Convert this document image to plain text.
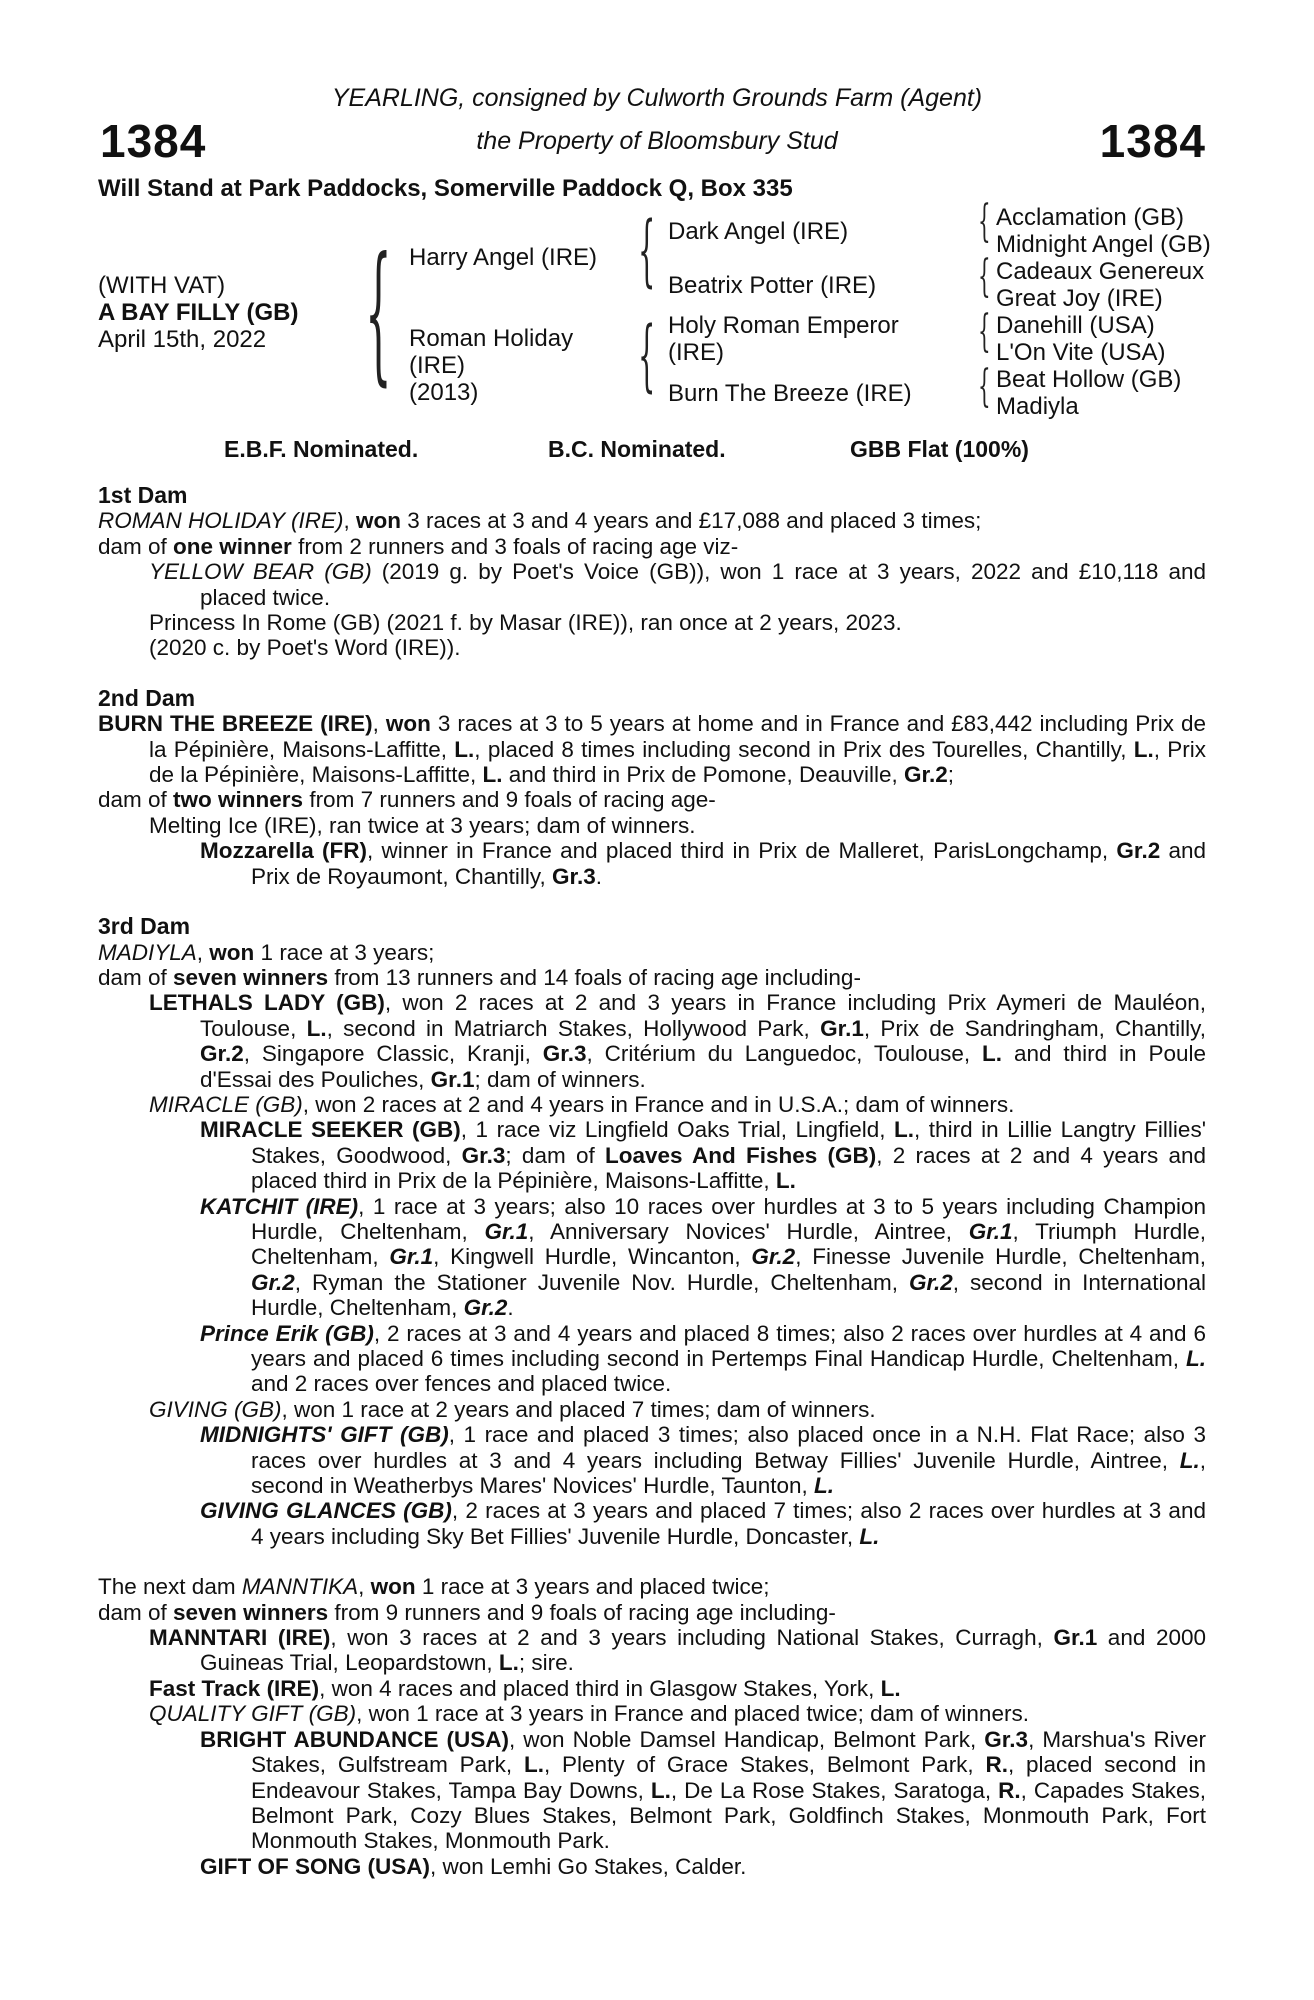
1384	1384
YEARLING, consigned by Culworth Grounds Farm (Agent)
the Property of Bloomsbury Stud
Will Stand at Park Paddocks, Somerville Paddock Q, Box 335
(WITH VAT)
A BAY FILLY (GB)
April 15th, 2022 { Harry Angel (IRE)
Roman Holiday
(IRE)
(2013)
{
{
Dark Angel (IRE)
Beatrix Potter (IRE)
Holy Roman Emperor
(IRE)
Burn The Breeze (IRE)
{
{
{
{
Acclamation (GB)
Midnight Angel (GB)
Cadeaux Genereux
Great Joy (IRE)
Danehill (USA)
L'On Vite (USA)
Beat Hollow (GB)
Madiyla
E.B.F. Nominated.	B.C. Nominated.	GBB Flat (100%)

1st Dam

ROMAN HOLIDAY (IRE), won 3 races at 3 and 4 years and £17,088 and placed 3 times;

dam of one winner from 2 runners and 3 foals of racing age viz-

YELLOW BEAR (GB) (2019 g. by Poet's Voice (GB)), won 1 race at 3 years, 2022 and £10,118 and placed twice.

Princess In Rome (GB) (2021 f. by Masar (IRE)), ran once at 2 years, 2023.

(2020 c. by Poet's Word (IRE)).

2nd Dam

BURN THE BREEZE (IRE), won 3 races at 3 to 5 years at home and in France and £83,442 including Prix de la Pépinière, Maisons-Laffitte, L., placed 8 times including second in Prix des Tourelles, Chantilly, L., Prix de la Pépinière, Maisons-Laffitte, L. and third in Prix de Pomone, Deauville, Gr.2;

dam of two winners from 7 runners and 9 foals of racing age-

Melting Ice (IRE), ran twice at 3 years; dam of winners.

Mozzarella (FR), winner in France and placed third in Prix de Malleret, ParisLongchamp, Gr.2 and Prix de Royaumont, Chantilly, Gr.3.

3rd Dam

MADIYLA, won 1 race at 3 years;

dam of seven winners from 13 runners and 14 foals of racing age including-

LETHALS LADY (GB), won 2 races at 2 and 3 years in France including Prix Aymeri de Mauléon, Toulouse, L., second in Matriarch Stakes, Hollywood Park, Gr.1, Prix de Sandringham, Chantilly, Gr.2, Singapore Classic, Kranji, Gr.3, Critérium du Languedoc, Toulouse, L. and third in Poule d'Essai des Pouliches, Gr.1; dam of winners.

MIRACLE (GB), won 2 races at 2 and 4 years in France and in U.S.A.; dam of winners.

MIRACLE SEEKER (GB), 1 race viz Lingfield Oaks Trial, Lingfield, L., third in Lillie Langtry Fillies' Stakes, Goodwood, Gr.3; dam of Loaves And Fishes (GB), 2 races at 2 and 4 years and placed third in Prix de la Pépinière, Maisons-Laffitte, L.

KATCHIT (IRE), 1 race at 3 years; also 10 races over hurdles at 3 to 5 years including Champion Hurdle, Cheltenham, Gr.1, Anniversary Novices' Hurdle, Aintree, Gr.1, Triumph Hurdle, Cheltenham, Gr.1, Kingwell Hurdle, Wincanton, Gr.2, Finesse Juvenile Hurdle, Cheltenham, Gr.2, Ryman the Stationer Juvenile Nov. Hurdle, Cheltenham, Gr.2, second in International Hurdle, Cheltenham, Gr.2.

Prince Erik (GB), 2 races at 3 and 4 years and placed 8 times; also 2 races over hurdles at 4 and 6 years and placed 6 times including second in Pertemps Final Handicap Hurdle, Cheltenham, L. and 2 races over fences and placed twice.

GIVING (GB), won 1 race at 2 years and placed 7 times; dam of winners.

MIDNIGHTS' GIFT (GB), 1 race and placed 3 times; also placed once in a N.H. Flat Race; also 3 races over hurdles at 3 and 4 years including Betway Fillies' Juvenile Hurdle, Aintree, L., second in Weatherbys Mares' Novices' Hurdle, Taunton, L.

GIVING GLANCES (GB), 2 races at 3 years and placed 7 times; also 2 races over hurdles at 3 and 4 years including Sky Bet Fillies' Juvenile Hurdle, Doncaster, L.

The next dam MANNTIKA, won 1 race at 3 years and placed twice;

dam of seven winners from 9 runners and 9 foals of racing age including-

MANNTARI (IRE), won 3 races at 2 and 3 years including National Stakes, Curragh, Gr.1 and 2000 Guineas Trial, Leopardstown, L.; sire.

Fast Track (IRE), won 4 races and placed third in Glasgow Stakes, York, L.

QUALITY GIFT (GB), won 1 race at 3 years in France and placed twice; dam of winners.

BRIGHT ABUNDANCE (USA), won Noble Damsel Handicap, Belmont Park, Gr.3, Marshua's River Stakes, Gulfstream Park, L., Plenty of Grace Stakes, Belmont Park, R., placed second in Endeavour Stakes, Tampa Bay Downs, L., De La Rose Stakes, Saratoga, R., Capades Stakes, Belmont Park, Cozy Blues Stakes, Belmont Park, Goldfinch Stakes, Monmouth Park, Fort Monmouth Stakes, Monmouth Park.

GIFT OF SONG (USA), won Lemhi Go Stakes, Calder.
